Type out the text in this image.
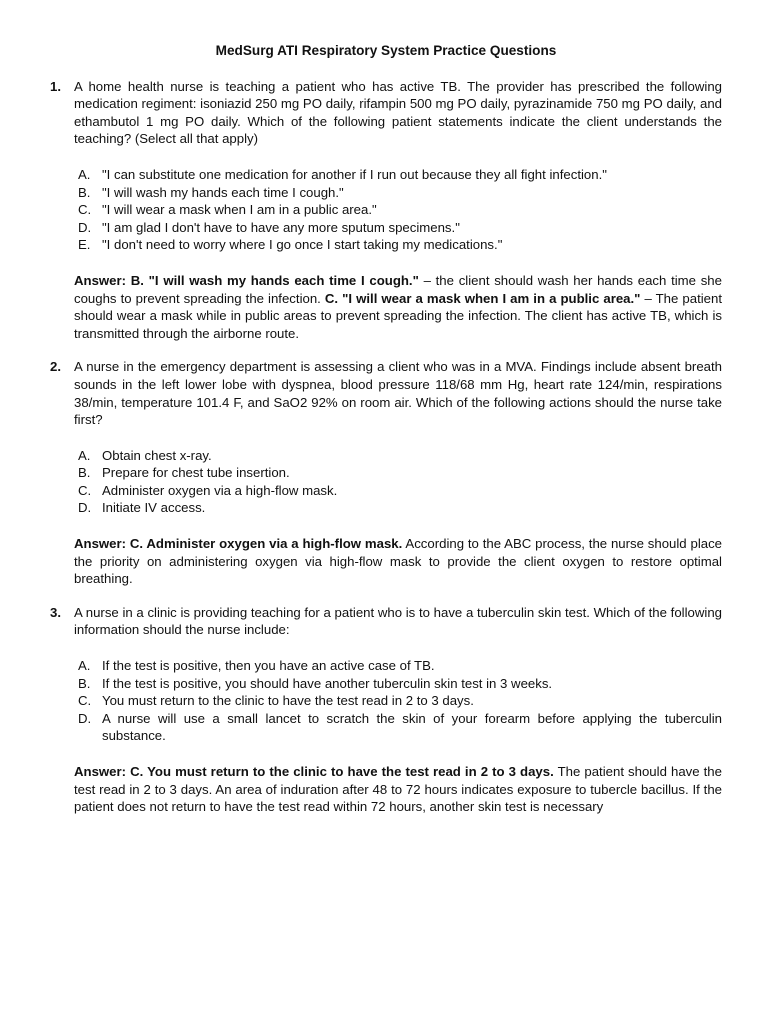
MedSurg ATI Respiratory System Practice Questions
1. A home health nurse is teaching a patient who has active TB. The provider has prescribed the following medication regiment: isoniazid 250 mg PO daily, rifampin 500 mg PO daily, pyrazinamide 750 mg PO daily, and ethambutol 1 mg PO daily. Which of the following patient statements indicate the client understands the teaching? (Select all that apply)

A. "I can substitute one medication for another if I run out because they all fight infection."
B. "I will wash my hands each time I cough."
C. "I will wear a mask when I am in a public area."
D. "I am glad I don't have to have any more sputum specimens."
E. "I don't need to worry where I go once I start taking my medications."

Answer: B. "I will wash my hands each time I cough." – the client should wash her hands each time she coughs to prevent spreading the infection. C. "I will wear a mask when I am in a public area." – The patient should wear a mask while in public areas to prevent spreading the infection. The client has active TB, which is transmitted through the airborne route.

2. A nurse in the emergency department is assessing a client who was in a MVA. Findings include absent breath sounds in the left lower lobe with dyspnea, blood pressure 118/68 mm Hg, heart rate 124/min, respirations 38/min, temperature 101.4 F, and SaO2 92% on room air. Which of the following actions should the nurse take first?

A. Obtain chest x-ray.
B. Prepare for chest tube insertion.
C. Administer oxygen via a high-flow mask.
D. Initiate IV access.

Answer: C. Administer oxygen via a high-flow mask. According to the ABC process, the nurse should place the priority on administering oxygen via high-flow mask to provide the client oxygen to restore optimal breathing.

3. A nurse in a clinic is providing teaching for a patient who is to have a tuberculin skin test. Which of the following information should the nurse include:

A. If the test is positive, then you have an active case of TB.
B. If the test is positive, you should have another tuberculin skin test in 3 weeks.
C. You must return to the clinic to have the test read in 2 to 3 days.
D. A nurse will use a small lancet to scratch the skin of your forearm before applying the tuberculin substance.

Answer: C. You must return to the clinic to have the test read in 2 to 3 days. The patient should have the test read in 2 to 3 days. An area of induration after 48 to 72 hours indicates exposure to tubercle bacillus. If the patient does not return to have the test read within 72 hours, another skin test is necessary
